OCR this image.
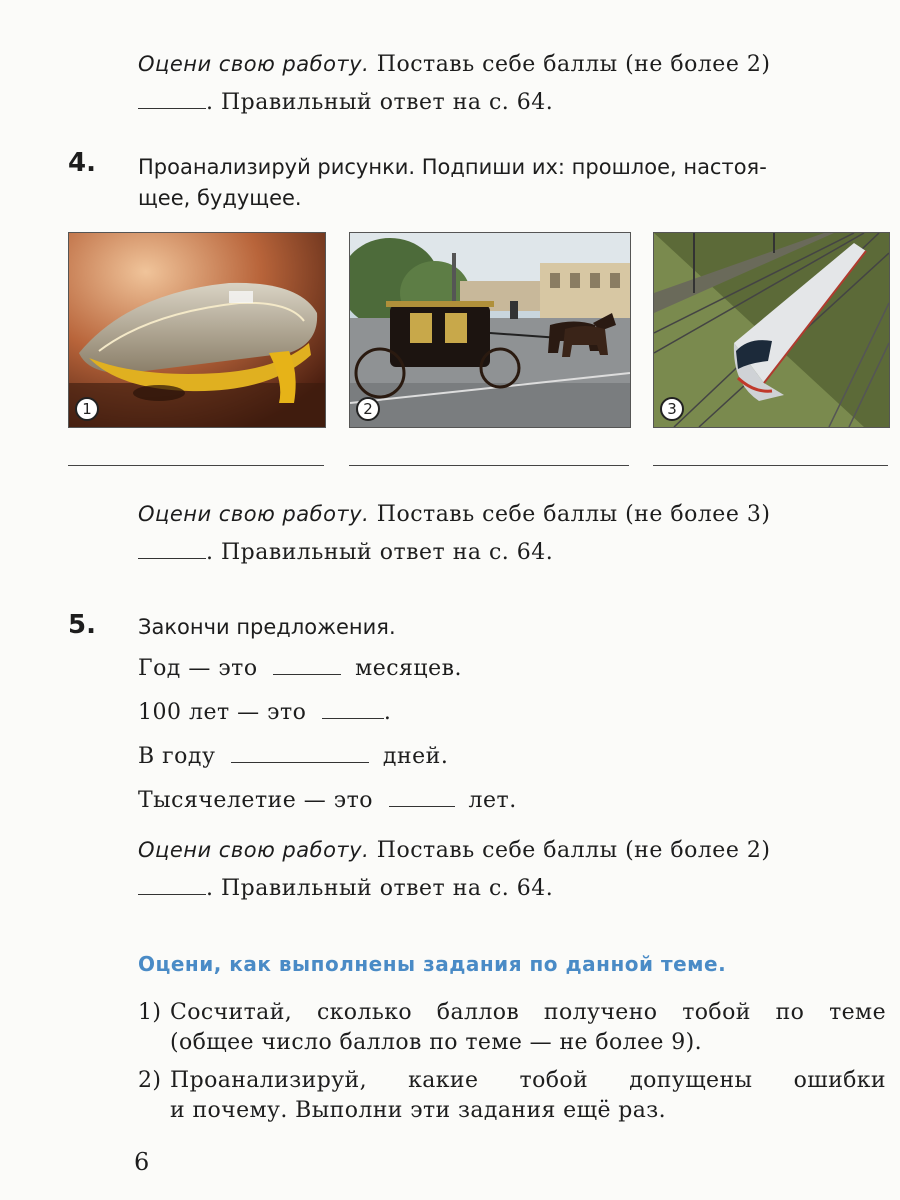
Оцени свою работу. Поставь себе баллы (не более 2)
. Правильный ответ на с. 64.
4. Проанализируй рисунки. Подпиши их: прошлое, настоя-
щее, будущее.
1	2	3
Оцени свою работу. Поставь себе баллы (не более 3)
. Правильный ответ на с. 64.
5. Закончи предложения.
Год — это	месяцев.
100 лет — это	.
В году	дней.
Тысячелетие — это	лет.
Оцени свою работу. Поставь себе баллы (не более 2)
. Правильный ответ на с. 64.
Оцени, как выполнены задания по данной теме.
1) Сосчитай, сколько баллов получено тобой по теме
(общее число баллов по теме — не более 9).
2) Проанализируй, какие тобой допущены ошибки
и почему. Выполни эти задания ещё раз.
6
